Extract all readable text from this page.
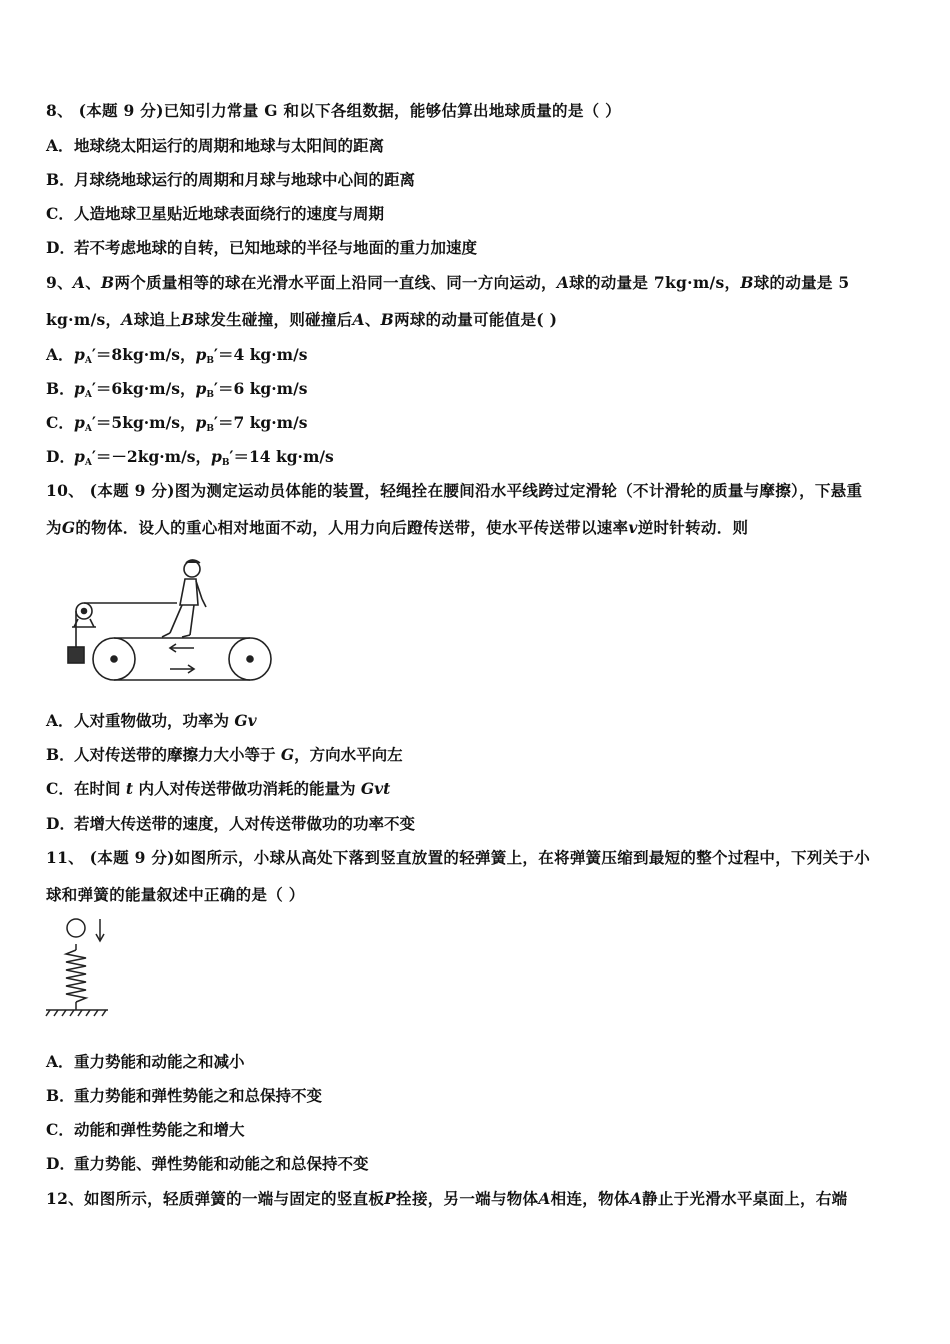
8、 (本题 9 分)已知引力常量 G 和以下各组数据，能够估算出地球质量的是（ ）
A．地球绕太阳运行的周期和地球与太阳间的距离
B．月球绕地球运行的周期和月球与地球中心间的距离
C．人造地球卫星贴近地球表面绕行的速度与周期
D．若不考虑地球的自转，已知地球的半径与地面的重力加速度
9、A、B两个质量相等的球在光滑水平面上沿同一直线、同一方向运动，A球的动量是 7kg·m/s，B球的动量是 5
kg·m/s，A球追上B球发生碰撞，则碰撞后A、B两球的动量可能值是( )
A．$p_A'=8kg\cdot m/s$，$p_B'=4$ kg·m/s
B．$p_A'=6kg\cdot m/s$，$p_B'=6$ kg·m/s
C．$p_A'=5kg\cdot m/s$，$p_B'=7$ kg·m/s
D．$p_A'=-2kg\cdot m/s$，$p_B'=14$ kg·m/s
10、 (本题 9 分)图为测定运动员体能的装置，轻绳拴在腰间沿水平线跨过定滑轮（不计滑轮的质量与摩擦），下悬重
为G的物体．设人的重心相对地面不动，人用力向后蹬传送带，使水平传送带以速率v逆时针转动．则
A．人对重物做功，功率为 Gv
B．人对传送带的摩擦力大小等于 G，方向水平向左
C．在时间 t 内人对传送带做功消耗的能量为 Gvt
D．若增大传送带的速度，人对传送带做功的功率不变
11、 (本题 9 分)如图所示，小球从高处下落到竖直放置的轻弹簧上，在将弹簧压缩到最短的整个过程中，下列关于小
球和弹簧的能量叙述中正确的是（ ）
A．重力势能和动能之和减小
B．重力势能和弹性势能之和总保持不变
C．动能和弹性势能之和增大
D．重力势能、弹性势能和动能之和总保持不变
12、如图所示，轻质弹簧的一端与固定的竖直板P拴接，另一端与物体A相连，物体A静止于光滑水平桌面上，右端
